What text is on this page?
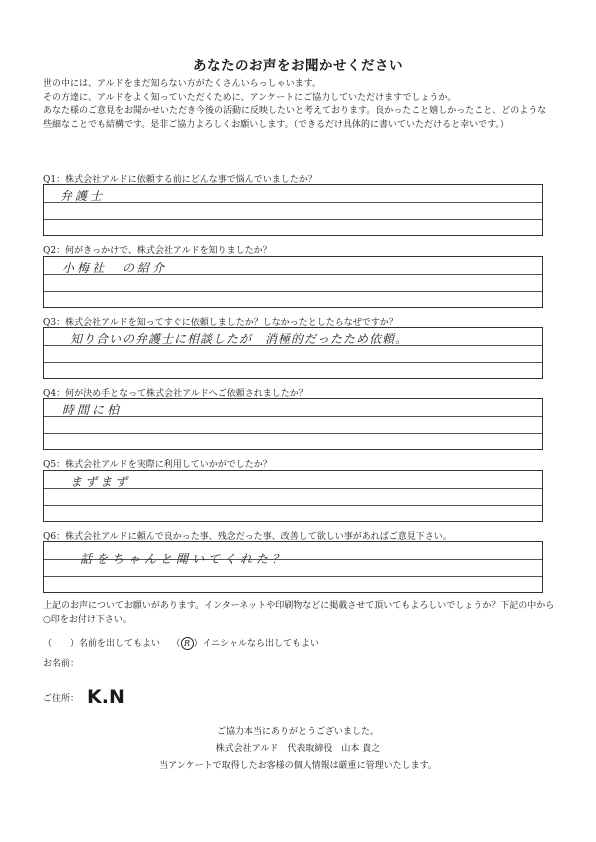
あなたのお声をお聞かせください
世の中には、アルドをまだ知らない方がたくさんいらっしゃいます。
その方達に、アルドをよく知っていただくために、アンケートにご協力していただけますでしょうか。
あなた様のご意見をお聞かせいただき今後の活動に反映したいと考えております。良かったこと嬉しかったこと、どのような
些細なことでも結構です。是非ご協力よろしくお願いします。（できるだけ具体的に書いていただけると幸いです。）
Q1：株式会社アルドに依頼する前にどんな事で悩んでいましたか？
弁護士
Q2：何がきっかけで、株式会社アルドを知りましたか？
小梅社　の紹介
Q3：株式会社アルドを知ってすぐに依頼しましたか？しなかったとしたらなぜですか？
知り合いの弁護士に相談したが　消極的だったため依頼。
Q4：何が決め手となって株式会社アルドへご依頼されましたか？
時間に柏
Q5：株式会社アルドを実際に利用していかがでしたか？
まずまず
Q6：株式会社アルドに頼んで良かった事、残念だった事、改善して欲しい事があればご意見下さい。
話をちゃんと聞いてくれた？
上記のお声についてお願いがあります。インターネットや印刷物などに掲載させて頂いてもよろしいでしょうか？下記の中から
○印をお付け下さい。
（ ）名前を出してもよい （ R ）イニシャルなら出してもよい
お名前：
ご住所： K.N
ご協力本当にありがとうございました。
株式会社アルド　代表取締役　山本 貴之
当アンケートで取得したお客様の個人情報は厳重に管理いたします。
